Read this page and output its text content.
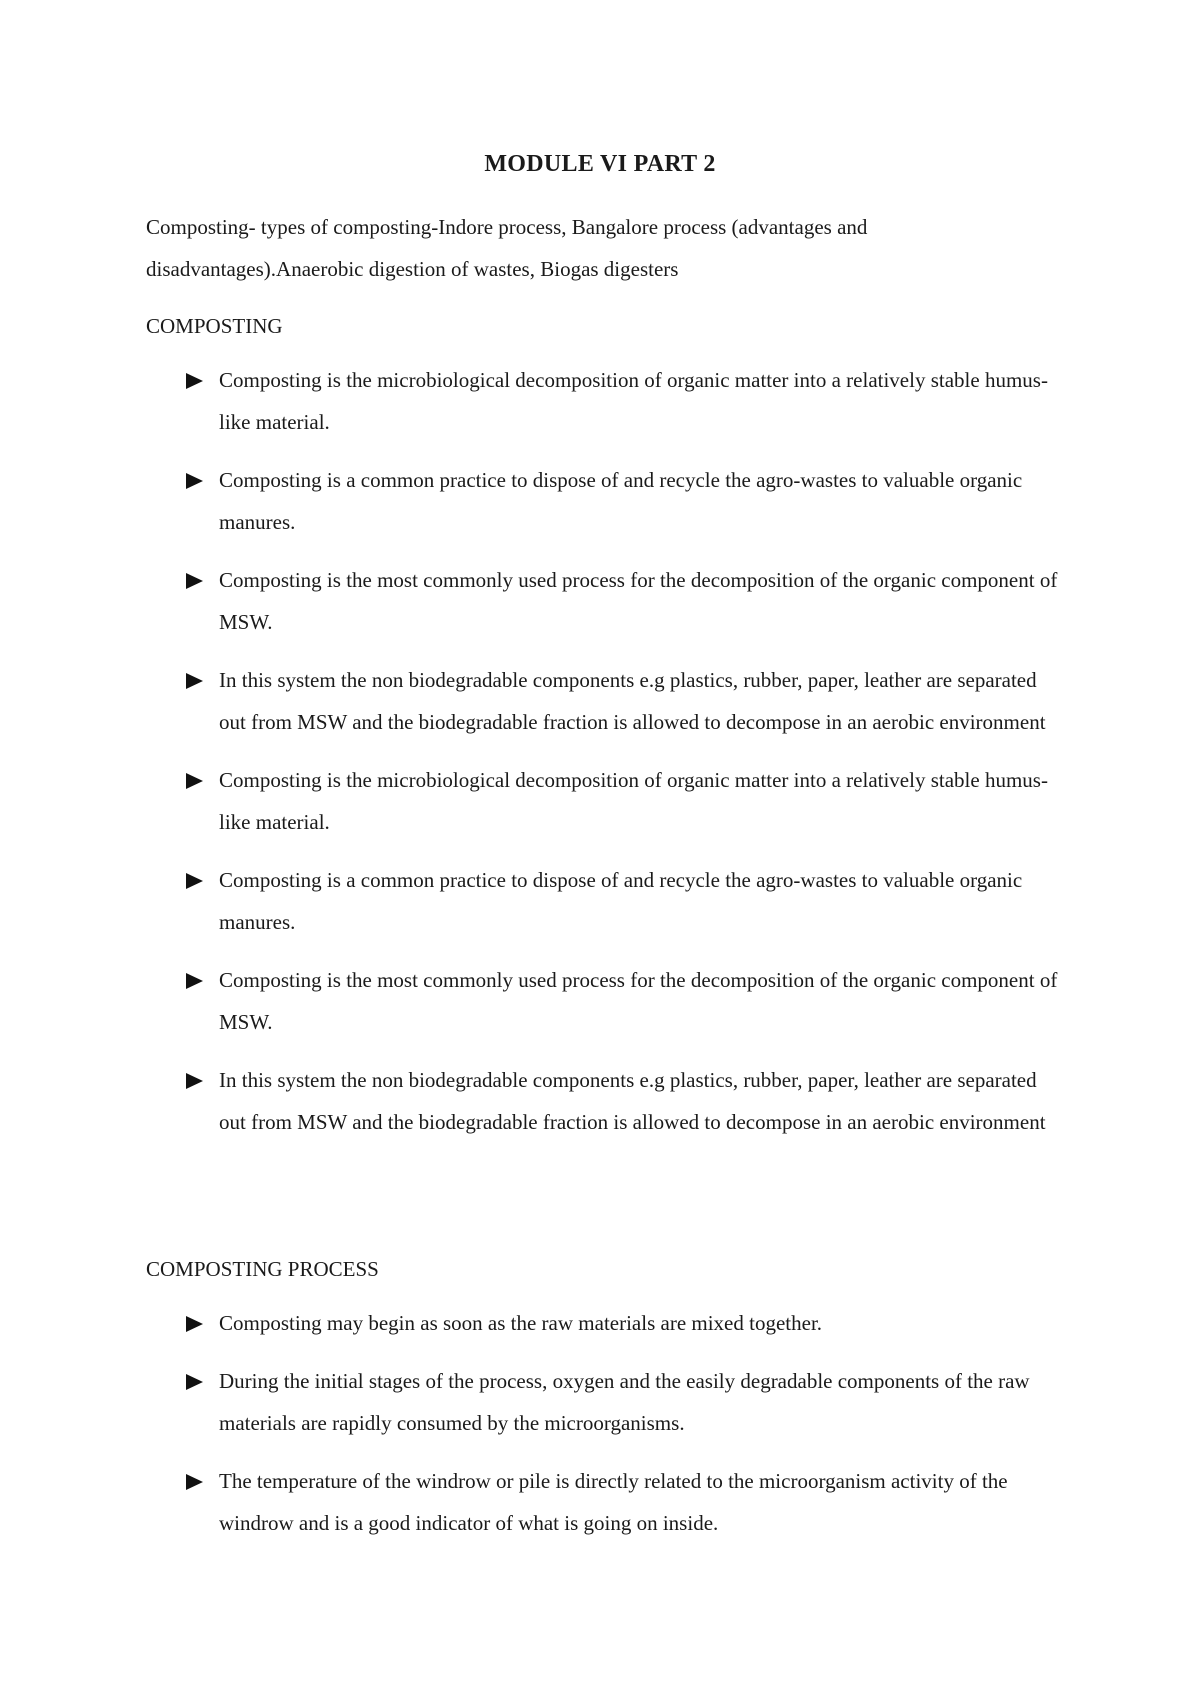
MODULE VI PART 2
Composting- types of composting-Indore process, Bangalore process (advantages and disadvantages).Anaerobic digestion of wastes, Biogas digesters
COMPOSTING
Composting is the microbiological decomposition of organic matter into a relatively stable humus-like material.
Composting is a common practice to dispose of and recycle the agro-wastes to valuable organic manures.
Composting is the most commonly used process for the decomposition of the organic component of MSW.
In this system the non biodegradable components e.g plastics, rubber, paper, leather are separated out from MSW and the biodegradable fraction is allowed to decompose in an aerobic environment
Composting is the microbiological decomposition of organic matter into a relatively stable humus-like material.
Composting is a common practice to dispose of and recycle the agro-wastes to valuable organic manures.
Composting is the most commonly used process for the decomposition of the organic component of MSW.
In this system the non biodegradable components e.g plastics, rubber, paper, leather are separated out from MSW and the biodegradable fraction is allowed to decompose in an aerobic environment
COMPOSTING PROCESS
Composting may begin as soon as the raw materials are mixed together.
During the initial stages of the process, oxygen and the easily degradable components of the raw materials are rapidly consumed by the microorganisms.
The temperature of the windrow or pile is directly related to the microorganism activity of the windrow and is a good indicator of what is going on inside.
